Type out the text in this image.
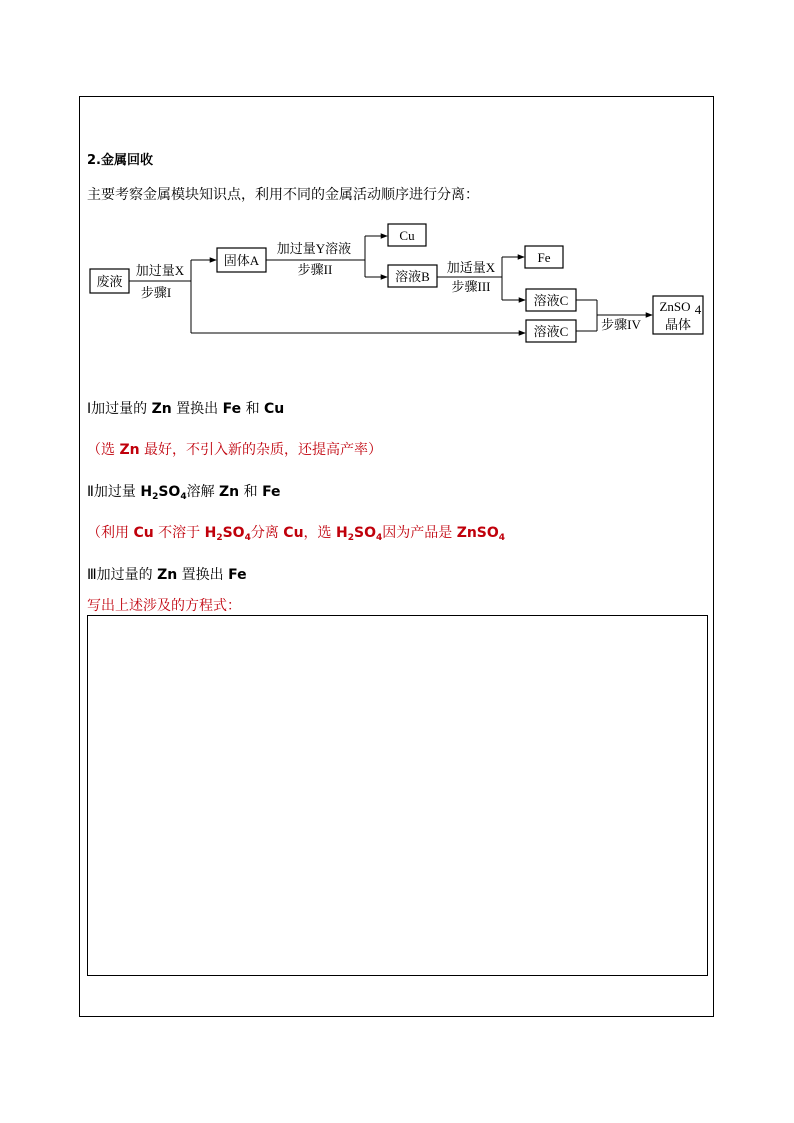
2.金属回收
主要考察金属模块知识点，利用不同的金属活动顺序进行分离：
废液
固体A
Cu
溶液B
Fe
溶液C
溶液C
ZnSO 4
晶体
加过量X
步骤I
加过量Y溶液
步骤II	加适量X
步骤III
步骤IV
Ⅰ加过量的 Zn 置换出 Fe 和 Cu
（选 Zn 最好，不引入新的杂质，还提高产率）
Ⅱ加过量 $H_2SO_4$溶解 Zn 和 Fe
（利用 Cu 不溶于 $H_2SO_4$分离 Cu，选 $H_2SO_4$因为产品是 ZnSO$_4$
Ⅲ加过量的 Zn 置换出 Fe
写出上述涉及的方程式：
